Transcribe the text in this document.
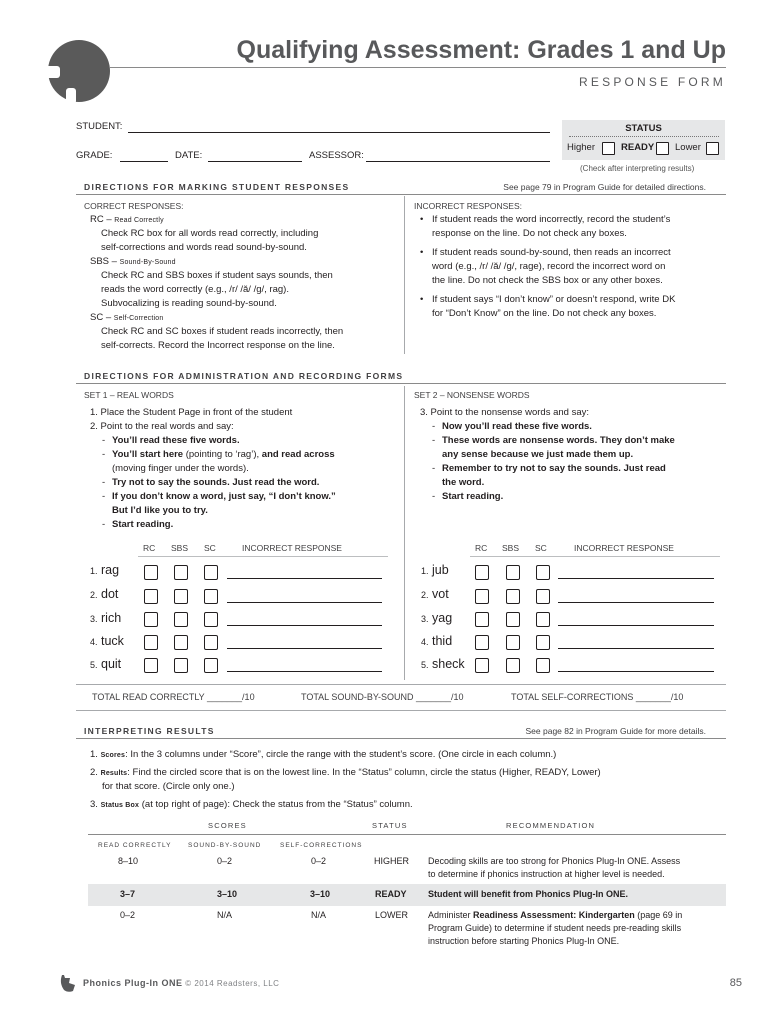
Qualifying Assessment: Grades 1 and Up
RESPONSE FORM
STUDENT:
GRADE:	DATE:	ASSESSOR:
STATUS
Higher	READY Lower
(Check after interpreting results)
DIRECTIONS FOR MARKING STUDENT RESPONSES	See page 79 in Program Guide for detailed directions.
CORRECT RESPONSES:
RC – Read Correctly
Check RC box for all words read correctly, including
self-corrections and words read sound-by-sound.
SBS – Sound-By-Sound
Check RC and SBS boxes if student says sounds, then
reads the word correctly (e.g., /r/ /ă/ /g/, rag).
Subvocalizing is reading sound-by-sound.
SC – Self-Correction
Check RC and SC boxes if student reads incorrectly, then
self-corrects. Record the Incorrect response on the line.
INCORRECT RESPONSES:
• If student reads the word incorrectly, record the student’s
response on the line. Do not check any boxes.
• If student reads sound-by-sound, then reads an incorrect
word (e.g., /r/ /ă/ /g/, rage), record the incorrect word on
the line. Do not check the SBS box or any other boxes.
• If student says “I don’t know” or doesn’t respond, write DK
for “Don’t Know” on the line. Do not check any boxes.
DIRECTIONS FOR ADMINISTRATION AND RECORDING FORMS
SET 1 – REAL WORDS
1. Place the Student Page in front of the student
2. Point to the real words and say:
- You’ll read these five words.
- You’ll start here (pointing to ‘rag’), and read across
(moving finger under the words).
- Try not to say the sounds. Just read the word.
- If you don’t know a word, just say, “I don’t know.”
But I’d like you to try.
- Start reading.
SET 2 – NONSENSE WORDS
3. Point to the nonsense words and say:
- Now you’ll read these five words.
- These words are nonsense words. They don’t make
any sense because we just made them up.
- Remember to try not to say the sounds. Just read
the word.
- Start reading.
RC SBS SC	INCORRECT RESPONSE	RC SBS SC	INCORRECT RESPONSE
1. rag
2. dot
3. rich
4. tuck
5. quit
1. jub
2. vot
3. yag
4. thid
5. sheck
TOTAL READ CORRECTLY _______/10	TOTAL SOUND-BY-SOUND _______/10	TOTAL SELF-CORRECTIONS _______/10
INTERPRETING RESULTS	See page 82 in Program Guide for more details.
1. Scores: In the 3 columns under “Score”, circle the range with the student’s score. (One circle in each column.)
2. Results: Find the circled score that is on the lowest line. In the “Status” column, circle the status (Higher, READY, Lower)
for that score. (Circle only one.)
3. Status Box (at top right of page): Check the status from the “Status” column.
SCORES	STATUS	RECOMMENDATION
READ CORRECTLY	SOUND-BY-SOUND	SELF-CORRECTIONS
8–10	0–2	0–2	HIGHER Decoding skills are too strong for Phonics Plug-In ONE. Assess
to determine if phonics instruction at higher level is needed.
3–7	3–10	3–10	READY Student will benefit from Phonics Plug-In ONE.
0–2	N/A	N/A	LOWER Administer Readiness Assessment: Kindergarten (page 69 in
Program Guide) to determine if student needs pre-reading skills
instruction before starting Phonics Plug-In ONE.
Phonics Plug-In ONE © 2014 Readsters, LLC	85
